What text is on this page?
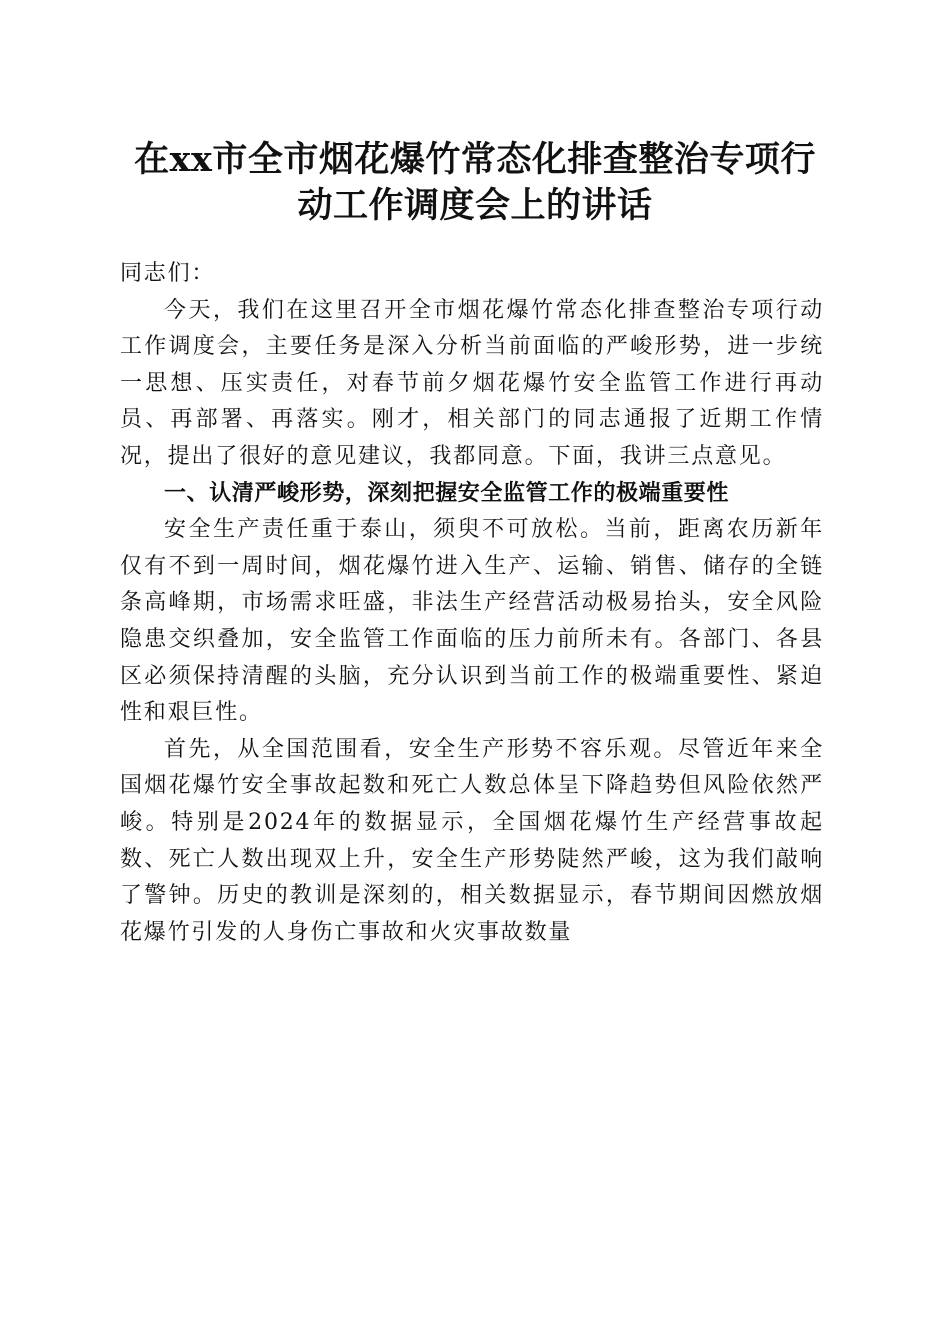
在xx市全市烟花爆竹常态化排查整治专项行
动工作调度会上的讲话

同志们：

今天，我们在这里召开全市烟花爆竹常态化排查整治专项行动工作调度会，主要任务是深入分析当前面临的严峻形势，进一步统一思想、压实责任，对春节前夕烟花爆竹安全监管工作进行再动员、再部署、再落实。刚才，相关部门的同志通报了近期工作情况，提出了很好的意见建议，我都同意。下面，我讲三点意见。

一、认清严峻形势，深刻把握安全监管工作的极端重要性

安全生产责任重于泰山，须臾不可放松。当前，距离农历新年仅有不到一周时间，烟花爆竹进入生产、运输、销售、储存的全链条高峰期，市场需求旺盛，非法生产经营活动极易抬头，安全风险隐患交织叠加，安全监管工作面临的压力前所未有。各部门、各县区必须保持清醒的头脑，充分认识到当前工作的极端重要性、紧迫性和艰巨性。

首先，从全国范围看，安全生产形势不容乐观。尽管近年来全国烟花爆竹安全事故起数和死亡人数总体呈下降趋势但风险依然严峻。特别是2024年的数据显示，全国烟花爆竹生产经营事故起数、死亡人数出现双上升，安全生产形势陡然严峻，这为我们敲响了警钟。历史的教训是深刻的，相关数据显示，春节期间因燃放烟花爆竹引发的人身伤亡事故和火灾事故数量
